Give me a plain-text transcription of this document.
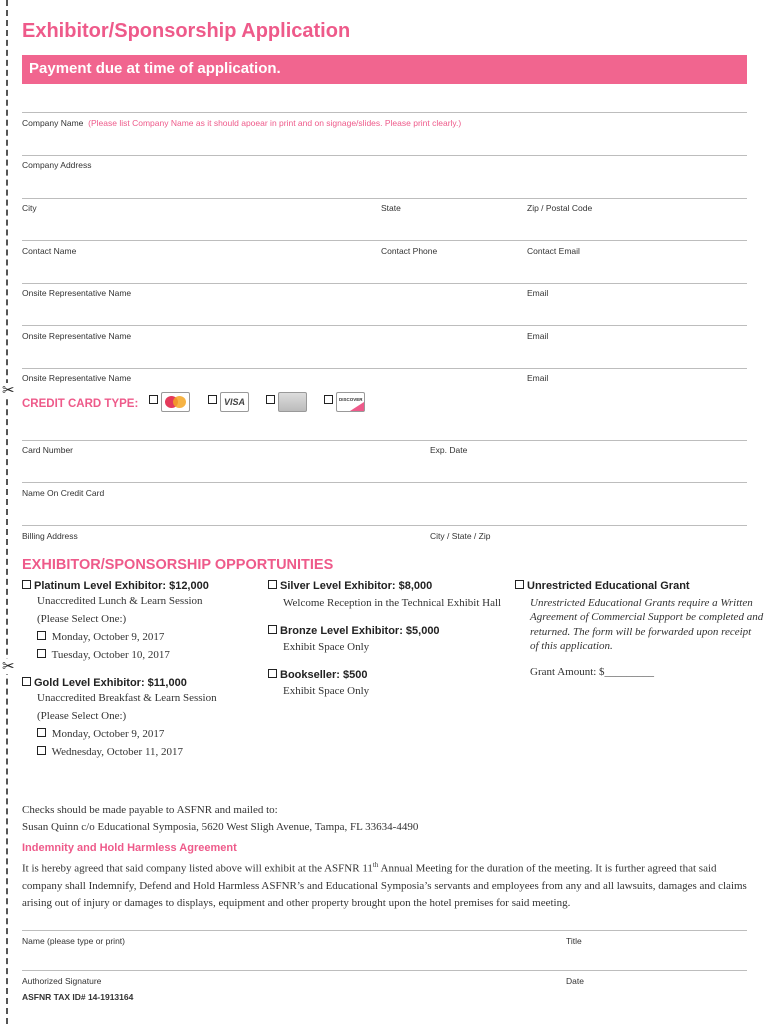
✂
✂
Exhibitor/Sponsorship Application
Payment due at time of application.
Company Name (Please list Company Name as it should apoear in print and on signage/slides. Please print clearly.)
Company Address
City	State	Zip / Postal Code
Contact Name	Contact Phone	Contact Email
Onsite Representative Name	Email
Onsite Representative Name	Email
Onsite Representative Name	Email
CREDIT CARD TYPE:	VISA	DISCOVER
Card Number	Exp. Date
Name On Credit Card
Billing Address	City / State / Zip
EXHIBITOR/SPONSORSHIP OPPORTUNITIES
Platinum Level Exhibitor: $12,000
Unaccredited Lunch & Learn Session
(Please Select One:)
Monday, October 9, 2017
Tuesday, October 10, 2017
Gold Level Exhibitor: $11,000
Unaccredited Breakfast & Learn Session
(Please Select One:)
Monday, October 9, 2017
Wednesday, October 11, 2017
Silver Level Exhibitor: $8,000
Welcome Reception in the Technical Exhibit Hall
Bronze Level Exhibitor: $5,000
Exhibit Space Only
Bookseller: $500
Exhibit Space Only
Unrestricted Educational Grant
Unrestricted Educational Grants require a Written
Agreement of Commercial Support be completed and
returned. The form will be forwarded upon receipt
of this application.
Grant Amount: $_________
Checks should be made payable to ASFNR and mailed to:
Susan Quinn c/o Educational Symposia, 5620 West Sligh Avenue, Tampa, FL 33634-4490
Indemnity and Hold Harmless Agreement
It is hereby agreed that said company listed above will exhibit at the ASFNR 11th Annual Meeting for the duration of the meeting. It is further agreed that said company shall Indemnify, Defend and Hold Harmless ASFNR’s and Educational Symposia’s servants and employees from any and all lawsuits, damages and claims arising out of injury or damages to displays, equipment and other property brought upon the hotel premises for said meeting.
Name (please type or print)	Title
Authorized Signature	Date
ASFNR TAX ID# 14-1913164
